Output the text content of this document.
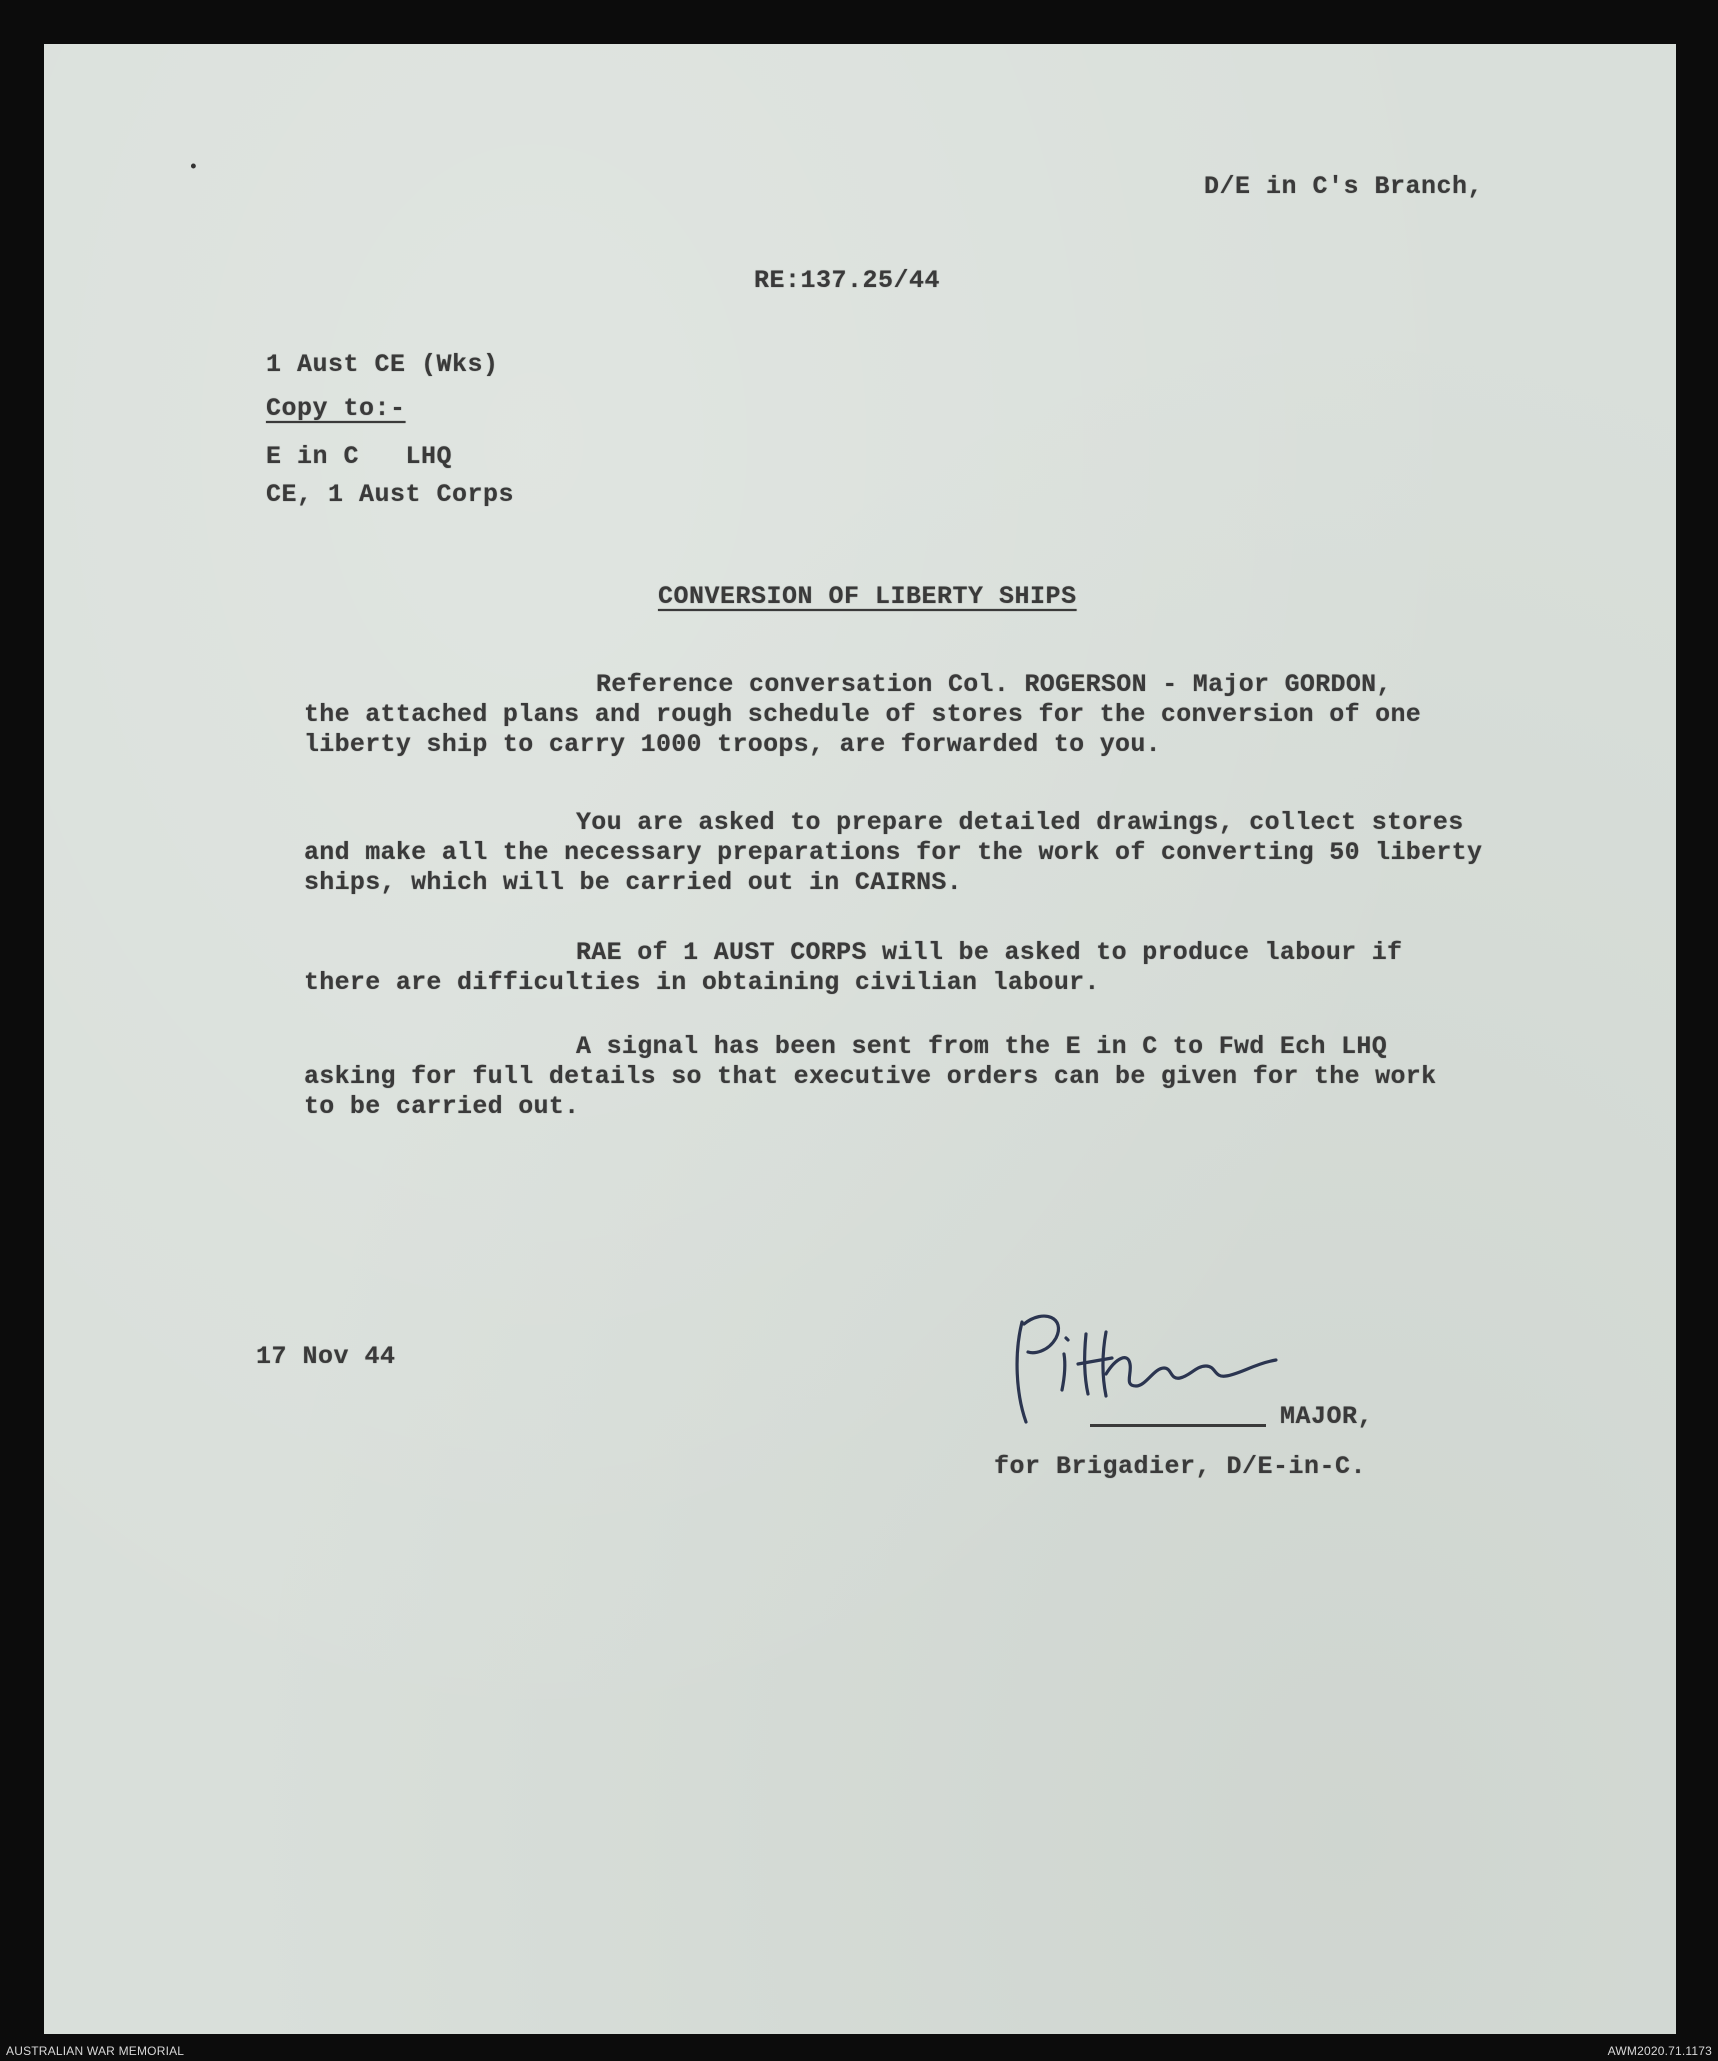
•
D/E in C's Branch,
RE:137.25/44
1 Aust CE (Wks)
Copy to:-
E in C   LHQ
CE, 1 Aust Corps
CONVERSION OF LIBERTY SHIPS
Reference conversation Col. ROGERSON - Major GORDON,
the attached plans and rough schedule of stores for the conversion of one
liberty ship to carry 1000 troops, are forwarded to you.
You are asked to prepare detailed drawings, collect stores
and make all the necessary preparations for the work of converting 50 liberty
ships, which will be carried out in CAIRNS.
RAE of 1 AUST CORPS will be asked to produce labour if
there are difficulties in obtaining civilian labour.
A signal has been sent from the E in C to Fwd Ech LHQ
asking for full details so that executive orders can be given for the work
to be carried out.
17 Nov 44
MAJOR,
for Brigadier, D/E-in-C.
AUSTRALIAN WAR MEMORIAL	AWM2020.71.1173
